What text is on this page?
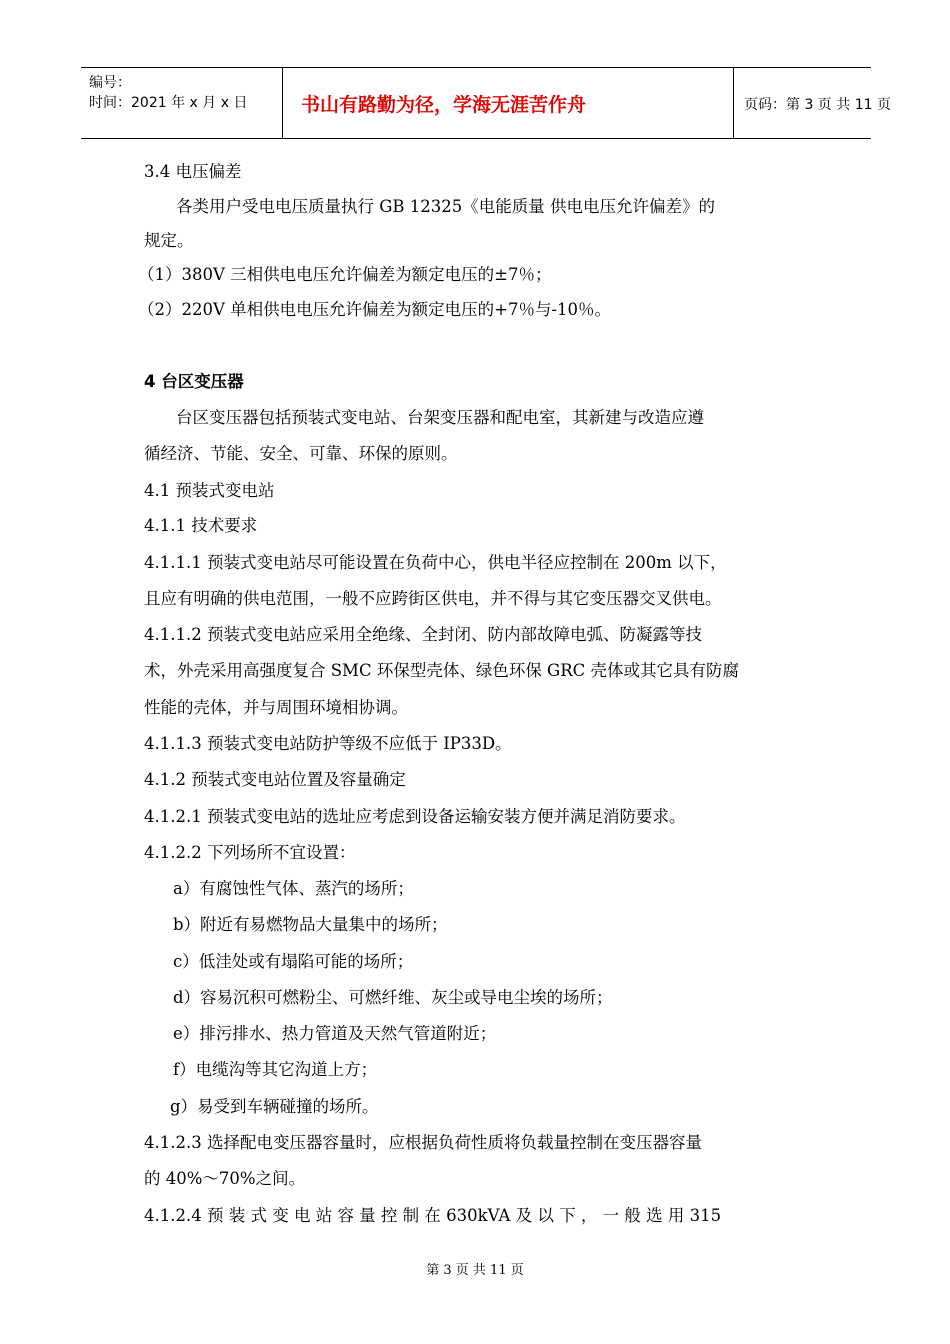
编号：
时间：2021 年 x 月 x 日	书山有路勤为径，学海无涯苦作舟	页码：第 3 页 共 11 页
3.4 电压偏差
各类用户受电电压质量执行 GB 12325《电能质量 供电电压允许偏差》的
规定。
（1）380V 三相供电电压允许偏差为额定电压的±7％；
（2）220V 单相供电电压允许偏差为额定电压的+7％与-10％。
4 台区变压器
台区变压器包括预装式变电站、台架变压器和配电室，其新建与改造应遵
循经济、节能、安全、可靠、环保的原则。
4.1 预装式变电站
4.1.1 技术要求
4.1.1.1 预装式变电站尽可能设置在负荷中心，供电半径应控制在 200m 以下，
且应有明确的供电范围，一般不应跨街区供电，并不得与其它变压器交叉供电。
4.1.1.2 预装式变电站应采用全绝缘、全封闭、防内部故障电弧、防凝露等技
术，外壳采用高强度复合 SMC 环保型壳体、绿色环保 GRC 壳体或其它具有防腐
性能的壳体，并与周围环境相协调。
4.1.1.3 预装式变电站防护等级不应低于 IP33D。
4.1.2 预装式变电站位置及容量确定
4.1.2.1 预装式变电站的选址应考虑到设备运输安装方便并满足消防要求。
4.1.2.2 下列场所不宜设置：
a）有腐蚀性气体、蒸汽的场所；
b）附近有易燃物品大量集中的场所；
c）低洼处或有塌陷可能的场所；
d）容易沉积可燃粉尘、可燃纤维、灰尘或导电尘埃的场所；
e）排污排水、热力管道及天然气管道附近；
f）电缆沟等其它沟道上方；
g）易受到车辆碰撞的场所。
4.1.2.3 选择配电变压器容量时，应根据负荷性质将负载量控制在变压器容量
的 40%～70%之间。
4.1.2.4 预 装 式 变 电 站 容 量 控 制 在 630kVA 及 以 下 ， 一 般 选 用 315
第 3 页 共 11 页
